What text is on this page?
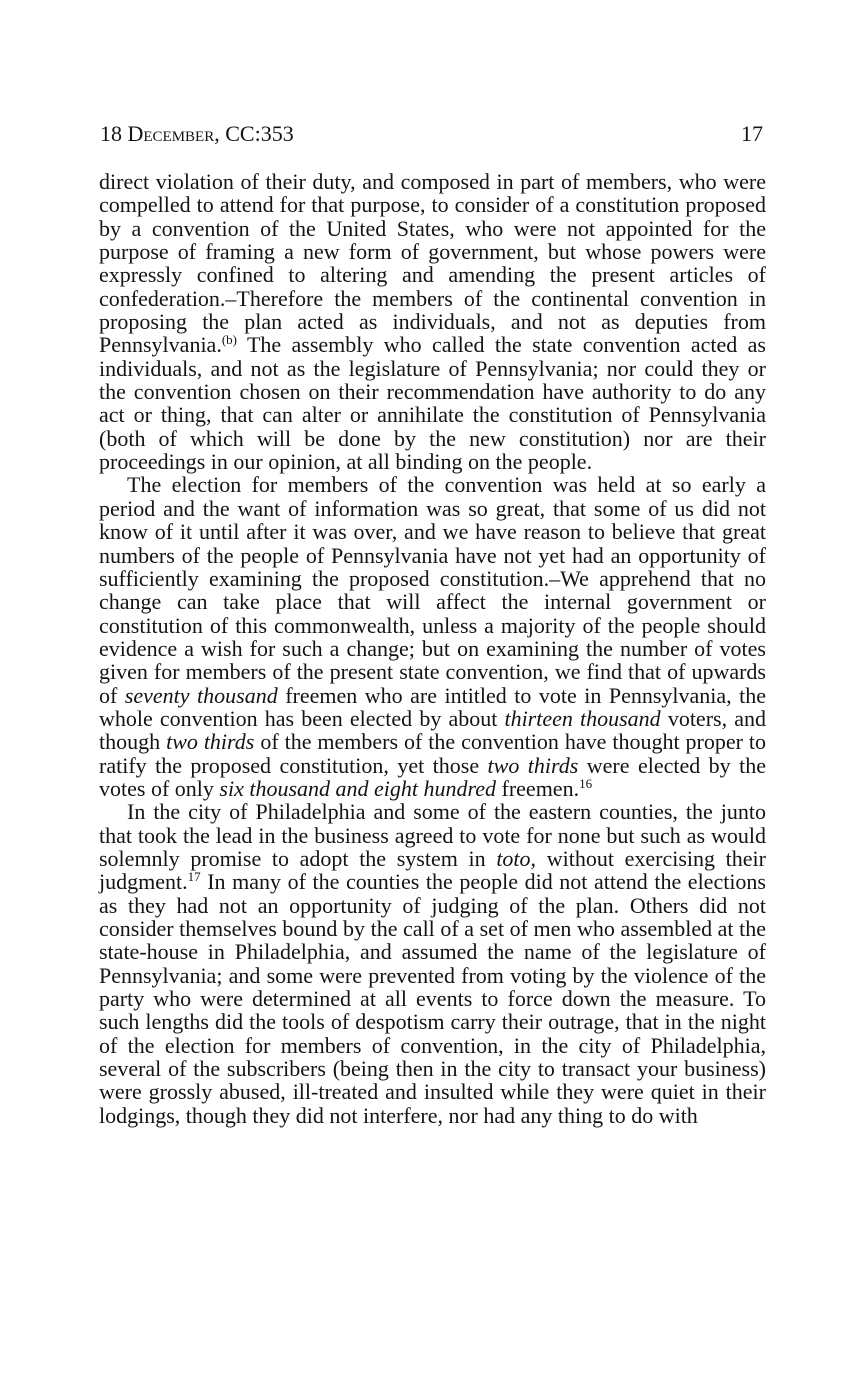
18 December, CC:353	17

direct violation of their duty, and composed in part of members, who were compelled to attend for that purpose, to consider of a constitution proposed by a convention of the United States, who were not appointed for the purpose of framing a new form of government, but whose powers were expressly confined to altering and amending the present articles of confederation.–Therefore the members of the continental convention in proposing the plan acted as individuals, and not as deputies from Pennsylvania.$^{(b)}$ The assembly who called the state convention acted as individuals, and not as the legislature of Pennsylvania; nor could they or the convention chosen on their recommendation have authority to do any act or thing, that can alter or annihilate the constitution of Pennsylvania (both of which will be done by the new constitution) nor are their proceedings in our opinion, at all binding on the people.

The election for members of the convention was held at so early a period and the want of information was so great, that some of us did not know of it until after it was over, and we have reason to believe that great numbers of the people of Pennsylvania have not yet had an opportunity of sufficiently examining the proposed constitution.–We apprehend that no change can take place that will affect the internal government or constitution of this commonwealth, unless a majority of the people should evidence a wish for such a change; but on examining the number of votes given for members of the present state convention, we find that of upwards of seventy thousand freemen who are intitled to vote in Pennsylvania, the whole convention has been elected by about thirteen thousand voters, and though two thirds of the members of the convention have thought proper to ratify the proposed constitution, yet those two thirds were elected by the votes of only six thousand and eight hundred freemen.$^{16}$

In the city of Philadelphia and some of the eastern counties, the junto that took the lead in the business agreed to vote for none but such as would solemnly promise to adopt the system in toto, without exercising their judgment.$^{17}$ In many of the counties the people did not attend the elections as they had not an opportunity of judging of the plan. Others did not consider themselves bound by the call of a set of men who assembled at the state-house in Philadelphia, and assumed the name of the legislature of Pennsylvania; and some were prevented from voting by the violence of the party who were determined at all events to force down the measure. To such lengths did the tools of despotism carry their outrage, that in the night of the election for members of convention, in the city of Philadelphia, several of the subscribers (being then in the city to transact your business) were grossly abused, ill-treated and insulted while they were quiet in their lodgings, though they did not interfere, nor had any thing to do with
